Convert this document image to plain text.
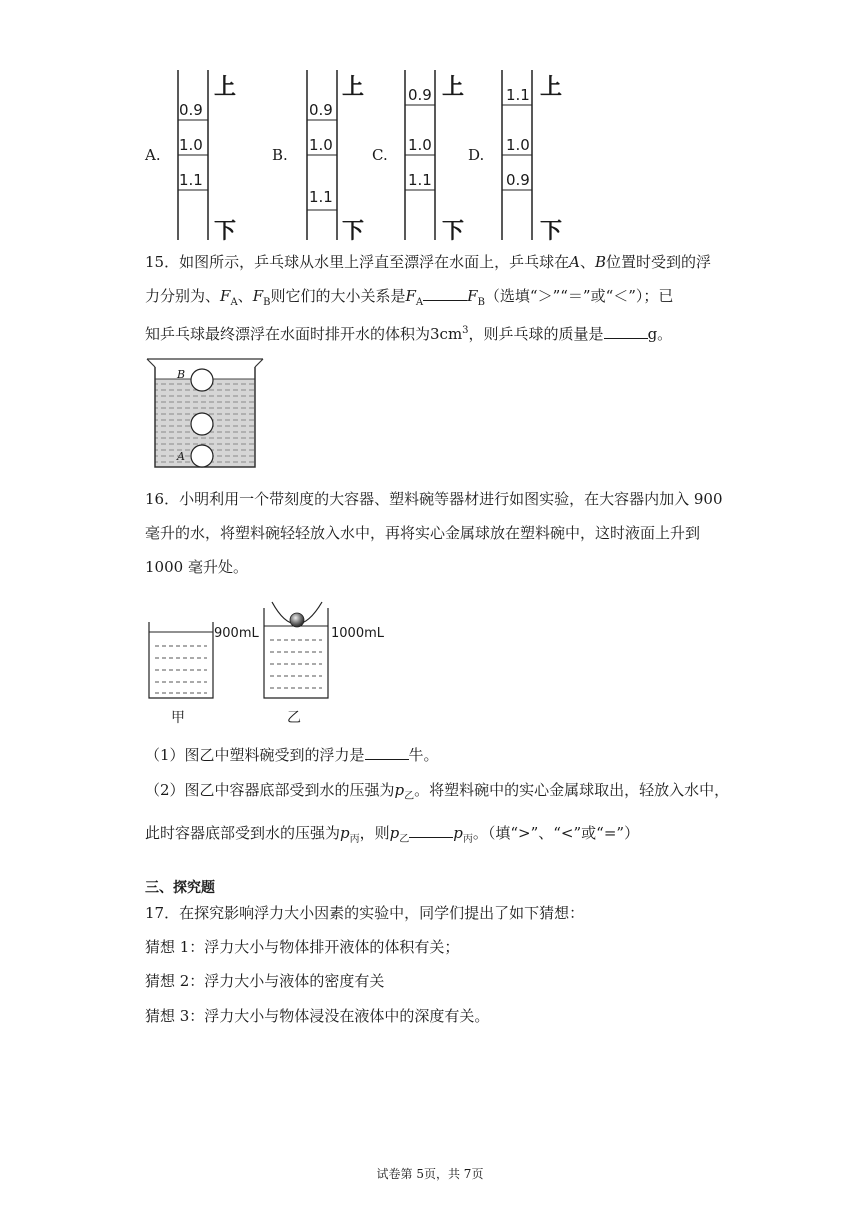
A.
0.9
1.0
1.1
上
下
B.
0.9
1.0
1.1
上
下
C.
0.9
1.0
1.1
上
下
D.
1.1
1.0
0.9
上
下
15．如图所示，乒乓球从水里上浮直至漂浮在水面上，乒乓球在A、B位置时受到的浮
力分别为、$F_A$、$F_B$则它们的大小关系是$F_A$	$F_B$（选填“＞”“＝”或“＜”）；已
知乒乓球最终漂浮在水面时排开水的体积为$3cm^3$，则乒乓球的质量是	g。
B
A
16．小明利用一个带刻度的大容器、塑料碗等器材进行如图实验，在大容器内加入 900
毫升的水，将塑料碗轻轻放入水中，再将实心金属球放在塑料碗中，这时液面上升到
1000 毫升处。
900mL
甲
1000mL
乙
（1）图乙中塑料碗受到的浮力是	牛。
（2）图乙中容器底部受到水的压强为$p_乙$。将塑料碗中的实心金属球取出，轻放入水中，
此时容器底部受到水的压强为$p_丙$，则$p_乙$	$p_丙$。（填“>”、“<”或“=”）
三、探究题
17．在探究影响浮力大小因素的实验中，同学们提出了如下猜想：
猜想 1：浮力大小与物体排开液体的体积有关；
猜想 2：浮力大小与液体的密度有关
猜想 3：浮力大小与物体浸没在液体中的深度有关。
试卷第 5页，共 7页
